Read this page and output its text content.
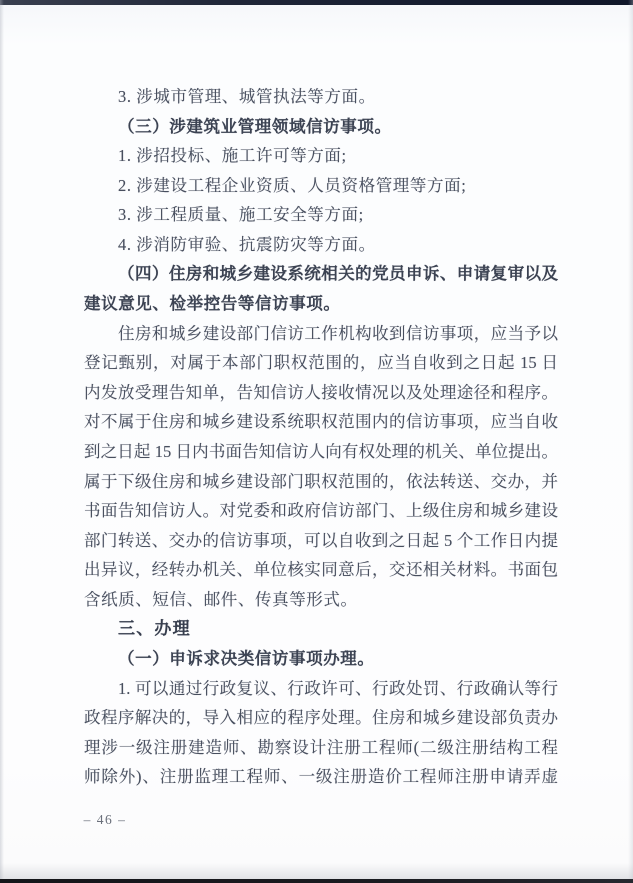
3. 涉城市管理、城管执法等方面。
（三）涉建筑业管理领域信访事项。
1. 涉招投标、施工许可等方面;
2. 涉建设工程企业资质、人员资格管理等方面;
3. 涉工程质量、施工安全等方面;
4. 涉消防审验、抗震防灾等方面。
（四）住房和城乡建设系统相关的党员申诉、申请复审以及
建议意见、检举控告等信访事项。
住房和城乡建设部门信访工作机构收到信访事项，应当予以
登记甄别，对属于本部门职权范围的，应当自收到之日起 15 日
内发放受理告知单，告知信访人接收情况以及处理途径和程序。
对不属于住房和城乡建设系统职权范围内的信访事项，应当自收
到之日起 15 日内书面告知信访人向有权处理的机关、单位提出。
属于下级住房和城乡建设部门职权范围的，依法转送、交办，并
书面告知信访人。对党委和政府信访部门、上级住房和城乡建设
部门转送、交办的信访事项，可以自收到之日起 5 个工作日内提
出异议，经转办机关、单位核实同意后，交还相关材料。书面包
含纸质、短信、邮件、传真等形式。
三、办理
（一）申诉求决类信访事项办理。
1. 可以通过行政复议、行政许可、行政处罚、行政确认等行
政程序解决的，导入相应的程序处理。住房和城乡建设部负责办
理涉一级注册建造师、勘察设计注册工程师(二级注册结构工程
师除外)、注册监理工程师、一级注册造价工程师注册申请弄虚
– 46 –
